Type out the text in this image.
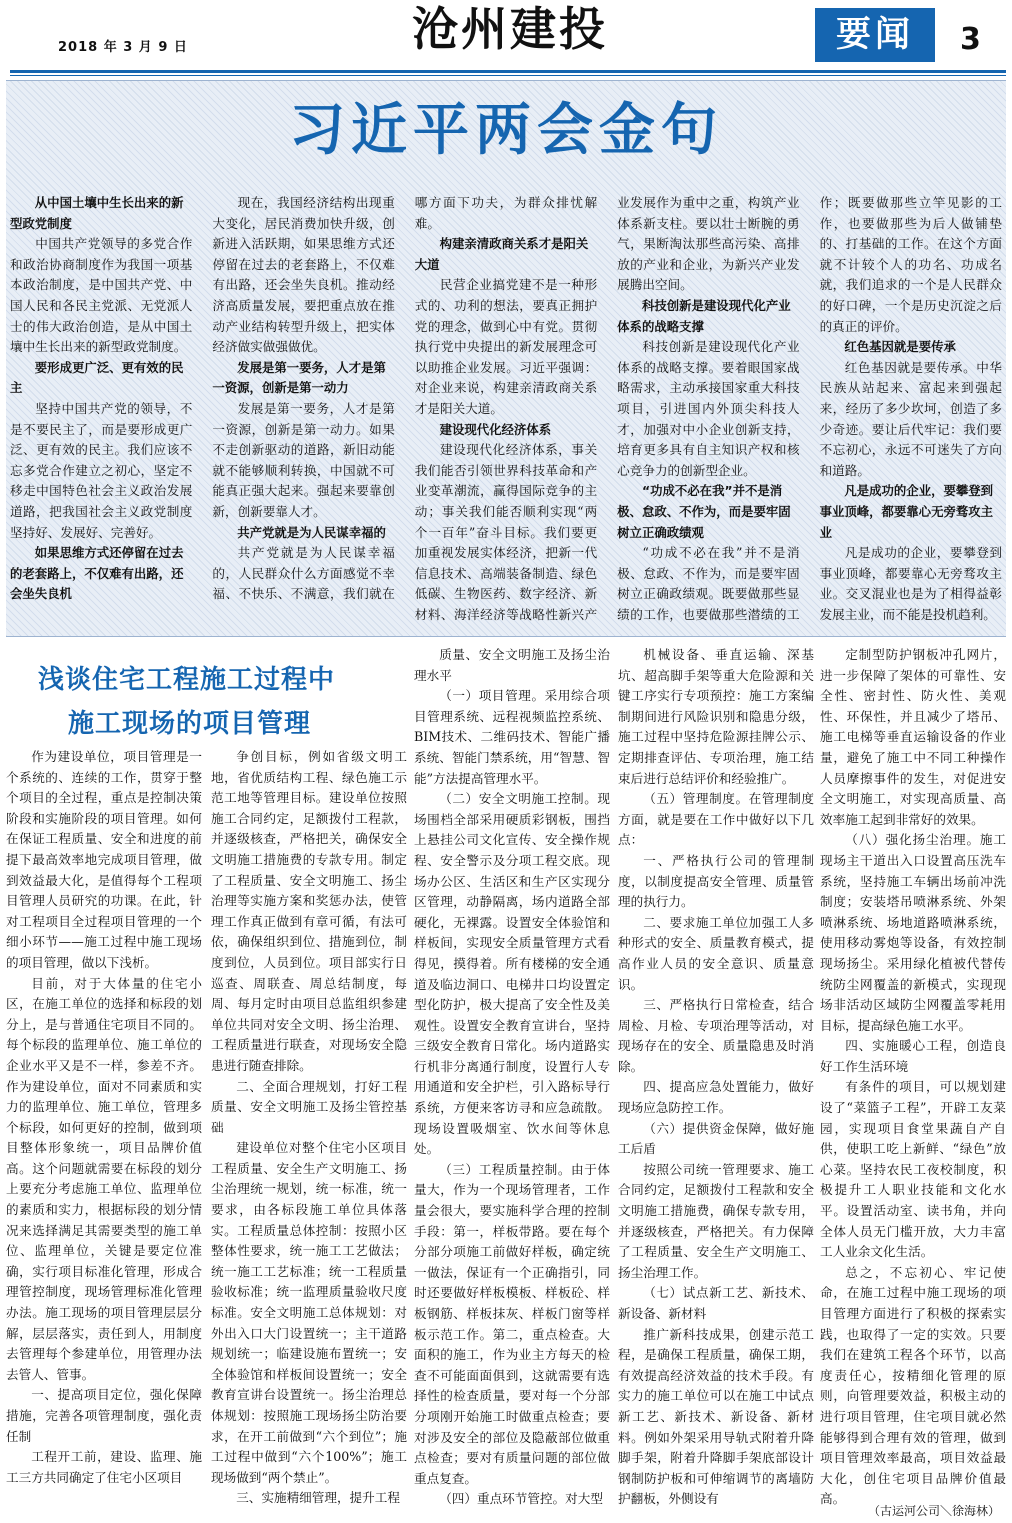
2018 年 3 月 9 日	沧州建投	要闻	3
习近平两会金句
从中国土壤中生长出来的新型政党制度

中国共产党领导的多党合作和政治协商制度作为我国一项基本政治制度，是中国共产党、中国人民和各民主党派、无党派人士的伟大政治创造，是从中国土壤中生长出来的新型政党制度。

要形成更广泛、更有效的民主

坚持中国共产党的领导，不是不要民主了，而是要形成更广泛、更有效的民主。我们应该不忘多党合作建立之初心，坚定不移走中国特色社会主义政治发展道路，把我国社会主义政党制度坚持好、发展好、完善好。

如果思维方式还停留在过去的老套路上，不仅难有出路，还会坐失良机

现在，我国经济结构出现重大变化，居民消费加快升级，创新进入活跃期，如果思维方式还停留在过去的老套路上，不仅难有出路，还会坐失良机。推动经济高质量发展，要把重点放在推动产业结构转型升级上，把实体经济做实做强做优。

发展是第一要务，人才是第一资源，创新是第一动力

发展是第一要务，人才是第一资源，创新是第一动力。如果不走创新驱动的道路，新旧动能就不能够顺利转换，中国就不可能真正强大起来。强起来要靠创新，创新要靠人才。

共产党就是为人民谋幸福的

共产党就是为人民谋幸福的，人民群众什么方面感觉不幸福、不快乐、不满意，我们就在哪方面下功夫，为群众排忧解难。

构建亲清政商关系才是阳关大道

民营企业搞党建不是一种形式的、功利的想法，要真正拥护党的理念，做到心中有党。贯彻执行党中央提出的新发展理念可以助推企业发展。习近平强调：对企业来说，构建亲清政商关系才是阳关大道。

建设现代化经济体系

建设现代化经济体系，事关我们能否引领世界科技革命和产业变革潮流，赢得国际竞争的主动；事关我们能否顺利实现“两个一百年”奋斗目标。我们要更加重视发展实体经济，把新一代信息技术、高端装备制造、绿色低碳、生物医药、数字经济、新材料、海洋经济等战略性新兴产业发展作为重中之重，构筑产业体系新支柱。要以壮士断腕的勇气，果断淘汰那些高污染、高排放的产业和企业，为新兴产业发展腾出空间。

科技创新是建设现代化产业体系的战略支撑

科技创新是建设现代化产业体系的战略支撑。要着眼国家战略需求，主动承接国家重大科技项目，引进国内外顶尖科技人才，加强对中小企业创新支持，培育更多具有自主知识产权和核心竞争力的创新型企业。

“功成不必在我”并不是消极、怠政、不作为，而是要牢固树立正确政绩观

“功成不必在我”并不是消极、怠政、不作为，而是要牢固树立正确政绩观。既要做那些显绩的工作，也要做那些潜绩的工作；既要做那些立竿见影的工作，也要做那些为后人做铺垫的、打基础的工作。在这个方面就不计较个人的功名、功成名就，我们追求的一个是人民群众的好口碑，一个是历史沉淀之后的真正的评价。

红色基因就是要传承

红色基因就是要传承。中华民族从站起来、富起来到强起来，经历了多少坎坷，创造了多少奇迹。要让后代牢记：我们要不忘初心，永远不可迷失了方向和道路。

凡是成功的企业，要攀登到事业顶峰，都要靠心无旁骛攻主业

凡是成功的企业，要攀登到事业顶峰，都要靠心无旁骛攻主业。交叉混业也是为了相得益彰发展主业，而不能是投机趋利。

浅谈住宅工程施工过程中
施工现场的项目管理

作为建设单位，项目管理是一个系统的、连续的工作，贯穿于整个项目的全过程，重点是控制决策阶段和实施阶段的项目管理。如何在保证工程质量、安全和进度的前提下最高效率地完成项目管理，做到效益最大化，是值得每个工程项目管理人员研究的功课。在此，针对工程项目全过程项目管理的一个细小环节——施工过程中施工现场的项目管理，做以下浅析。

目前，对于大体量的住宅小区，在施工单位的选择和标段的划分上，是与普通住宅项目不同的。每个标段的监理单位、施工单位的企业水平又是不一样，参差不齐。作为建设单位，面对不同素质和实力的监理单位、施工单位，管理多个标段，如何更好的控制，做到项目整体形象统一，项目品牌价值高。这个问题就需要在标段的划分上要充分考虑施工单位、监理单位的素质和实力，根据标段的划分情况来选择满足其需要类型的施工单位、监理单位，关键是要定位准确，实行项目标准化管理，形成合理管控制度，现场管理标准化管理办法。施工现场的项目管理层层分解，层层落实，责任到人，用制度去管理每个参建单位，用管理办法去管人、管事。

一、提高项目定位，强化保障措施，完善各项管理制度，强化责任制

工程开工前，建设、监理、施工三方共同确定了住宅小区项目

争创目标，例如省级文明工地，省优质结构工程、绿色施工示范工地等管理目标。建设单位按照施工合同约定，足额拨付工程款，并逐级核查，严格把关，确保安全文明施工措施费的专款专用。制定了工程质量、安全文明施工、扬尘治理等实施方案和奖惩办法，使管理工作真正做到有章可循，有法可依，确保组织到位、措施到位，制度到位，人员到位。项目部实行日巡查、周联查、周总结制度，每周、每月定时由项目总监组织参建单位共同对安全文明、扬尘治理、工程质量进行联查，对现场安全隐患进行随查排除。

二、全面合理规划，打好工程质量、安全文明施工及扬尘管控基础

建设单位对整个住宅小区项目工程质量、安全生产文明施工、扬尘治理统一规划，统一标准，统一要求，由各标段施工单位具体落实。工程质量总体控制：按照小区整体性要求，统一施工工艺做法；统一施工工艺标准；统一工程质量验收标准；统一监理质量验收尺度标准。安全文明施工总体规划：对外出入口大门设置统一；主干道路规划统一；临建设施布置统一；安全体验馆和样板间设置统一；安全教育宣讲台设置统一。扬尘治理总体规划：按照施工现场扬尘防治要求，在开工前做到“六个到位”；施工过程中做到“六个100%”；施工现场做到“两个禁止”。

三、实施精细管理，提升工程

质量、安全文明施工及扬尘治理水平

（一）项目管理。采用综合项目管理系统、远程视频监控系统、BIM技术、二维码技术、智能广播系统、智能门禁系统，用“智慧、智能”方法提高管理水平。

（二）安全文明施工控制。现场围档全部采用硬质彩钢板，围挡上悬挂公司文化宣传、安全操作规程、安全警示及分项工程交底。现场办公区、生活区和生产区实现分区管理，动静隔离，场内道路全部硬化，无裸露。设置安全体验馆和样板间，实现安全质量管理方式看得见，摸得着。所有楼梯的安全通道及临边洞口、电梯井口均设置定型化防护，极大提高了安全性及美观性。设置安全教育宣讲台，坚持三级安全教育日常化。场内道路实行机非分离通行制度，设置行人专用通道和安全护栏，引入路标导行系统，方便来客访寻和应急疏散。现场设置吸烟室、饮水间等休息处。

（三）工程质量控制。由于体量大，作为一个现场管理者，工作量会很大，要实施科学合理的控制手段：第一，样板带路。要在每个分部分项施工前做好样板，确定统一做法，保证有一个正确指引，同时还要做好样板模板、样板砼、样板钢筋、样板抹灰、样板门窗等样板示范工作。第二，重点检查。大面积的施工，作为业主方每天的检查不可能面面俱到，这就需要有选择性的检查质量，要对每一个分部分项刚开始施工时做重点检查；要对涉及安全的部位及隐蔽部位做重点检查；要对有质量问题的部位做重点复查。

（四）重点环节管控。对大型

机械设备、垂直运输、深基坑、超高脚手架等重大危险源和关键工序实行专项预控：施工方案编制期间进行风险识别和隐患分级，施工过程中坚持危险源挂牌公示、定期排查评估、专项治理，施工结束后进行总结评价和经验推广。

（五）管理制度。在管理制度方面，就是要在工作中做好以下几点：

一、严格执行公司的管理制度，以制度提高安全管理、质量管理的执行力。

二、要求施工单位加强工人多种形式的安全、质量教育模式，提高作业人员的安全意识、质量意识。

三、严格执行日常检查，结合周检、月检、专项治理等活动，对现场存在的安全、质量隐患及时消除。

四、提高应急处置能力，做好现场应急防控工作。

（六）提供资金保障，做好施工后盾

按照公司统一管理要求、施工合同约定，足额拨付工程款和安全文明施工措施费，确保专款专用，并逐级核查，严格把关。有力保障了工程质量、安全生产文明施工、扬尘治理工作。

（七）试点新工艺、新技术、新设备、新材料

推广新科技成果，创建示范工程，是确保工程质量，确保工期，有效提高经济效益的技术手段。有实力的施工单位可以在施工中试点新工艺、新技术、新设备、新材料。例如外架采用导轨式附着升降脚手架，附着升降脚手架底部设计钢制防护板和可伸缩调节的离墙防护翻板，外侧设有

定制型防护钢板冲孔网片，进一步保障了架体的可靠性、安全性、密封性、防火性、美观性、环保性，并且减少了塔吊、施工电梯等垂直运输设备的作业量，避免了施工中不同工种操作人员摩擦事件的发生，对促进安全文明施工，对实现高质量、高效率施工起到非常好的效果。

（八）强化扬尘治理。施工现场主干道出入口设置高压洗车系统，坚持施工车辆出场前冲洗制度；安装塔吊喷淋系统、外架喷淋系统、场地道路喷淋系统，使用移动雾炮等设备，有效控制现场扬尘。采用绿化植被代替传统防尘网覆盖的新模式，实现现场非活动区域防尘网覆盖零耗用目标，提高绿色施工水平。

四、实施暖心工程，创造良好工作生活环境

有条件的项目，可以规划建设了“菜篮子工程”，开辟工友菜园，实现项目食堂果蔬自产自供，使职工吃上新鲜、“绿色”放心菜。坚持农民工夜校制度，积极提升工人职业技能和文化水平。设置活动室、读书角，并向全体人员无门槛开放，大力丰富工人业余文化生活。

总之，不忘初心、牢记使命，在施工过程中施工现场的项目管理方面进行了积极的探索实践，也取得了一定的实效。只要我们在建筑工程各个环节，以高度责任心，按精细化管理的原则，向管理要效益，积极主动的进行项目管理，住宅项目就必然能够得到合理有效的管理，做到项目管理效率最高，项目效益最大化，创住宅项目品牌价值最高。

（古运河公司＼徐海林）
